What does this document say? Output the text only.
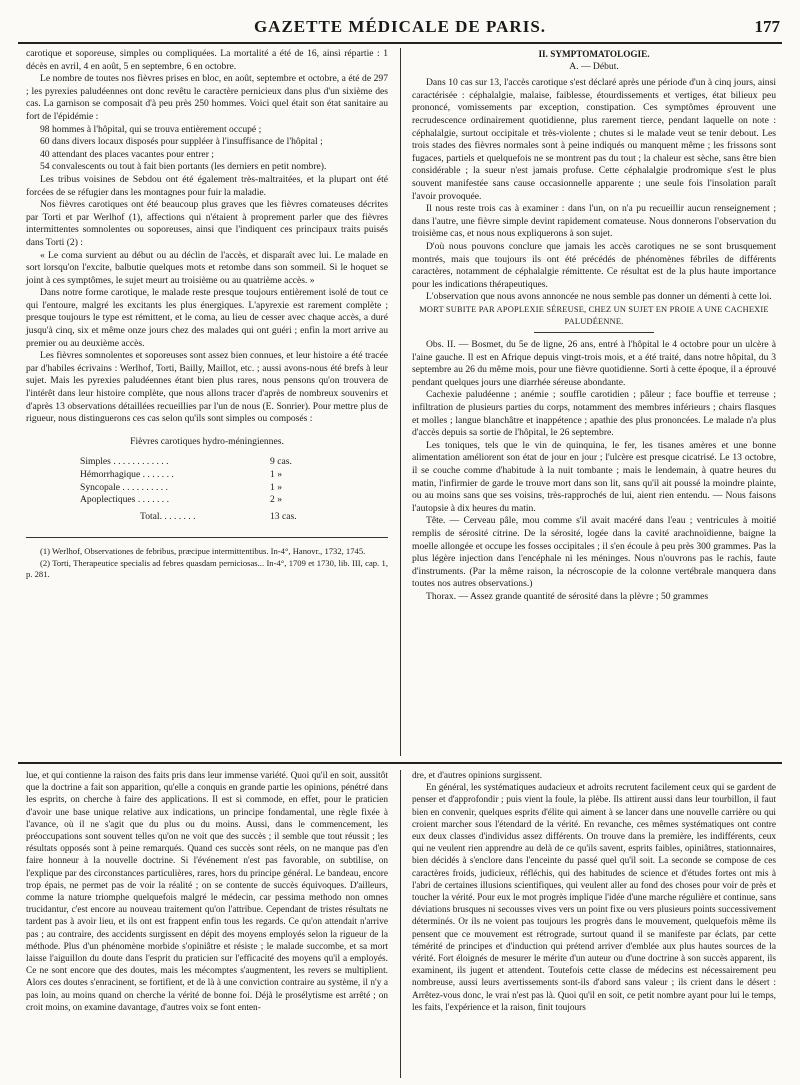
GAZETTE MÉDICALE DE PARIS.	177

carotique et soporeuse, simples ou compliquées. La mortalité a été de 16, ainsi répartie : 1 décès en avril, 4 en août, 5 en septembre, 6 en octobre.

Le nombre de toutes nos fièvres prises en bloc, en août, septembre et octobre, a été de 297 ; les pyrexies paludéennes ont donc revêtu le caractère pernicieux dans plus d'un sixième des cas. La garnison se composait d'à peu près 250 hommes. Voici quel était son état sanitaire au fort de l'épidémie :

98 hommes à l'hôpital, qui se trouva entièrement occupé ;

60 dans divers locaux disposés pour suppléer à l'insuffisance de l'hôpital ;

40 attendant des places vacantes pour entrer ;

54 convalescents ou tout à fait bien portants (les derniers en petit nombre).

Les tribus voisines de Sebdou ont été également très-maltraitées, et la plupart ont été forcées de se réfugier dans les montagnes pour fuir la maladie.

Nos fièvres carotiques ont été beaucoup plus graves que les fièvres comateuses décrites par Torti et par Werlhof (1), affections qui n'étaient à proprement parler que des fièvres intermittentes somnolentes ou soporeuses, ainsi que l'indiquent ces principaux traits puisés dans Torti (2) :

« Le coma survient au début ou au déclin de l'accès, et disparaît avec lui. Le malade en sort lorsqu'on l'excite, balbutie quelques mots et retombe dans son sommeil. Si le hoquet se joint à ces symptômes, le sujet meurt au troisième ou au quatrième accès. »

Dans notre forme carotique, le malade reste presque toujours entièrement isolé de tout ce qui l'entoure, malgré les excitants les plus énergiques. L'apyrexie est rarement complète ; presque toujours le type est rémittent, et le coma, au lieu de cesser avec chaque accès, a duré jusqu'à cinq, six et même onze jours chez des malades qui ont guéri ; enfin la mort arrive au premier ou au deuxième accès.

Les fièvres somnolentes et soporeuses sont assez bien connues, et leur histoire a été tracée par d'habiles écrivains : Werlhof, Torti, Bailly, Maillot, etc. ; aussi avons-nous été brefs à leur sujet. Mais les pyrexies paludéennes étant bien plus rares, nous pensons qu'on trouvera de l'intérêt dans leur histoire complète, que nous allons tracer d'après de nombreux souvenirs et d'après 13 observations détaillées recueillies par l'un de nous (E. Sonrier). Pour mettre plus de rigueur, nous distinguerons ces cas selon qu'ils sont simples ou composés :

Fièvres carotiques hydro-méningiennes.
Simples . . . . . . . . . . . .	9 cas.
Hémorrhagique . . . . . . .	1 »
Syncopale . . . . . . . . . .	1 »
Apoplectiques . . . . . . .	2 »
Total. . . . . . . .	13 cas.

(1) Werlhof, Observationes de febribus, præcipue intermittentibus. In-4°, Hanovr., 1732, 1745.

(2) Torti, Therapeutice specialis ad febres quasdam perniciosas... In-4°, 1709 et 1730, lib. III, cap. 1, p. 281.

II. SYMPTOMATOLOGIE.

A. — Début.

Dans 10 cas sur 13, l'accès carotique s'est déclaré après une période d'un à cinq jours, ainsi caractérisée : céphalalgie, malaise, faiblesse, étourdissements et vertiges, état bilieux peu prononcé, vomissements par exception, constipation. Ces symptômes éprouvent une recrudescence ordinairement quotidienne, plus rarement tierce, pendant laquelle on note : céphalalgie, surtout occipitale et très-violente ; chutes si le malade veut se tenir debout. Les trois stades des fièvres normales sont à peine indiqués ou manquent même ; les frissons sont fugaces, partiels et quelquefois ne se montrent pas du tout ; la chaleur est sèche, sans être bien considérable ; la sueur n'est jamais profuse. Cette céphalalgie prodromique s'est le plus souvent manifestée sans cause occasionnelle apparente ; une seule fois l'insolation paraît l'avoir provoquée.

Il nous reste trois cas à examiner : dans l'un, on n'a pu recueillir aucun renseignement ; dans l'autre, une fièvre simple devint rapidement comateuse. Nous donnerons l'observation du troisième cas, et nous nous expliquerons à son sujet.

D'où nous pouvons conclure que jamais les accès carotiques ne se sont brusquement montrés, mais que toujours ils ont été précédés de phénomènes fébriles de différents caractères, notamment de céphalalgie rémittente. Ce résultat est de la plus haute importance pour les indications thérapeutiques.

L'observation que nous avons annoncée ne nous semble pas donner un démenti à cette loi.

MORT SUBITE PAR APOPLEXIE SÉREUSE, CHEZ UN SUJET EN PROIE A UNE CACHEXIE PALUDÉENNE.

Obs. II. — Bosmet, du 5e de ligne, 26 ans, entré à l'hôpital le 4 octobre pour un ulcère à l'aine gauche. Il est en Afrique depuis vingt-trois mois, et a été traité, dans notre hôpital, du 3 septembre au 26 du même mois, pour une fièvre quotidienne. Sorti à cette époque, il a éprouvé pendant quelques jours une diarrhée séreuse abondante.

Cachexie paludéenne ; anémie ; souffle carotidien ; pâleur ; face bouffie et terreuse ; infiltration de plusieurs parties du corps, notamment des membres inférieurs ; chairs flasques et molles ; langue blanchâtre et inappétence ; apathie des plus prononcées. Le malade n'a plus d'accès depuis sa sortie de l'hôpital, le 26 septembre.

Les toniques, tels que le vin de quinquina, le fer, les tisanes amères et une bonne alimentation améliorent son état de jour en jour ; l'ulcère est presque cicatrisé. Le 13 octobre, il se couche comme d'habitude à la nuit tombante ; mais le lendemain, à quatre heures du matin, l'infirmier de garde le trouve mort dans son lit, sans qu'il ait poussé la moindre plainte, ou au moins sans que ses voisins, très-rapprochés de lui, aient rien entendu. — Nous faisons l'autopsie à dix heures du matin.

Tête. — Cerveau pâle, mou comme s'il avait macéré dans l'eau ; ventricules à moitié remplis de sérosité citrine. De la sérosité, logée dans la cavité arachnoïdienne, baigne la moelle allongée et occupe les fosses occipitales ; il s'en écoule à peu près 300 grammes. Pas la plus légère injection dans l'encéphale ni les méninges. Nous n'ouvrons pas le rachis, faute d'instruments. (Par la même raison, la nécroscopie de la colonne vertébrale manquera dans toutes nos autres observations.)

Thorax. — Assez grande quantité de sérosité dans la plèvre ; 50 grammes

lue, et qui contienne la raison des faits pris dans leur immense variété. Quoi qu'il en soit, aussitôt que la doctrine a fait son apparition, qu'elle a conquis en grande partie les opinions, pénétré dans les esprits, on cherche à faire des applications. Il est si commode, en effet, pour le praticien d'avoir une base unique relative aux indications, un principe fondamental, une règle fixée à l'avance, où il ne s'agit que du plus ou du moins. Aussi, dans le commencement, les préoccupations sont souvent telles qu'on ne voit que des succès ; il semble que tout réussit ; les résultats opposés sont à peine remarqués. Quand ces succès sont réels, on ne manque pas d'en faire honneur à la nouvelle doctrine. Si l'événement n'est pas favorable, on subtilise, on l'explique par des circonstances particulières, rares, hors du principe général. Le bandeau, encore trop épais, ne permet pas de voir la réalité ; on se contente de succès équivoques. D'ailleurs, comme la nature triomphe quelquefois malgré le médecin, car pessima methodo non omnes trucidantur, c'est encore au nouveau traitement qu'on l'attribue. Cependant de tristes résultats ne tardent pas à avoir lieu, et ils ont est frappent enfin tous les regards. Ce qu'on attendait n'arrive pas ; au contraire, des accidents surgissent en dépit des moyens employés selon la rigueur de la méthode. Plus d'un phénomène morbide s'opiniâtre et résiste ; le malade succombe, et sa mort laisse l'aiguillon du doute dans l'esprit du praticien sur l'efficacité des moyens qu'il a employés. Ce ne sont encore que des doutes, mais les mécomptes s'augmentent, les revers se multiplient. Alors ces doutes s'enracinent, se fortifient, et de là à une conviction contraire au système, il n'y a pas loin, au moins quand on cherche la vérité de bonne foi. Déjà le prosélytisme est arrêté ; on croit moins, on examine davantage, d'autres voix se font enten-

dre, et d'autres opinions surgissent.

En général, les systématiques audacieux et adroits recrutent facilement ceux qui se gardent de penser et d'approfondir ; puis vient la foule, la plèbe. Ils attirent aussi dans leur tourbillon, il faut bien en convenir, quelques esprits d'élite qui aiment à se lancer dans une nouvelle carrière ou qui croient marcher sous l'étendard de la vérité. En revanche, ces mêmes systématiques ont contre eux deux classes d'individus assez différents. On trouve dans la première, les indifférents, ceux qui ne veulent rien apprendre au delà de ce qu'ils savent, esprits faibles, opiniâtres, stationnaires, bien décidés à s'enclore dans l'enceinte du passé quel qu'il soit. La seconde se compose de ces caractères froids, judicieux, réfléchis, qui des habitudes de science et d'études fortes ont mis à l'abri de certaines illusions scientifiques, qui veulent aller au fond des choses pour voir de près et toucher la vérité. Pour eux le mot progrès implique l'idée d'une marche régulière et continue, sans déviations brusques ni secousses vives vers un point fixe ou vers plusieurs points successivement déterminés. Or ils ne voient pas toujours les progrès dans le mouvement, quelquefois même ils pensent que ce mouvement est rétrograde, surtout quand il se manifeste par éclats, par cette témérité de principes et d'induction qui prétend arriver d'emblée aux plus hautes sources de la vérité. Fort éloignés de mesurer le mérite d'un auteur ou d'une doctrine à son succès apparent, ils examinent, ils jugent et attendent. Toutefois cette classe de médecins est nécessairement peu nombreuse, aussi leurs avertissements sont-ils d'abord sans valeur ; ils crient dans le désert : Arrêtez-vous donc, le vrai n'est pas là. Quoi qu'il en soit, ce petit nombre ayant pour lui le temps, les faits, l'expérience et la raison, finit toujours
